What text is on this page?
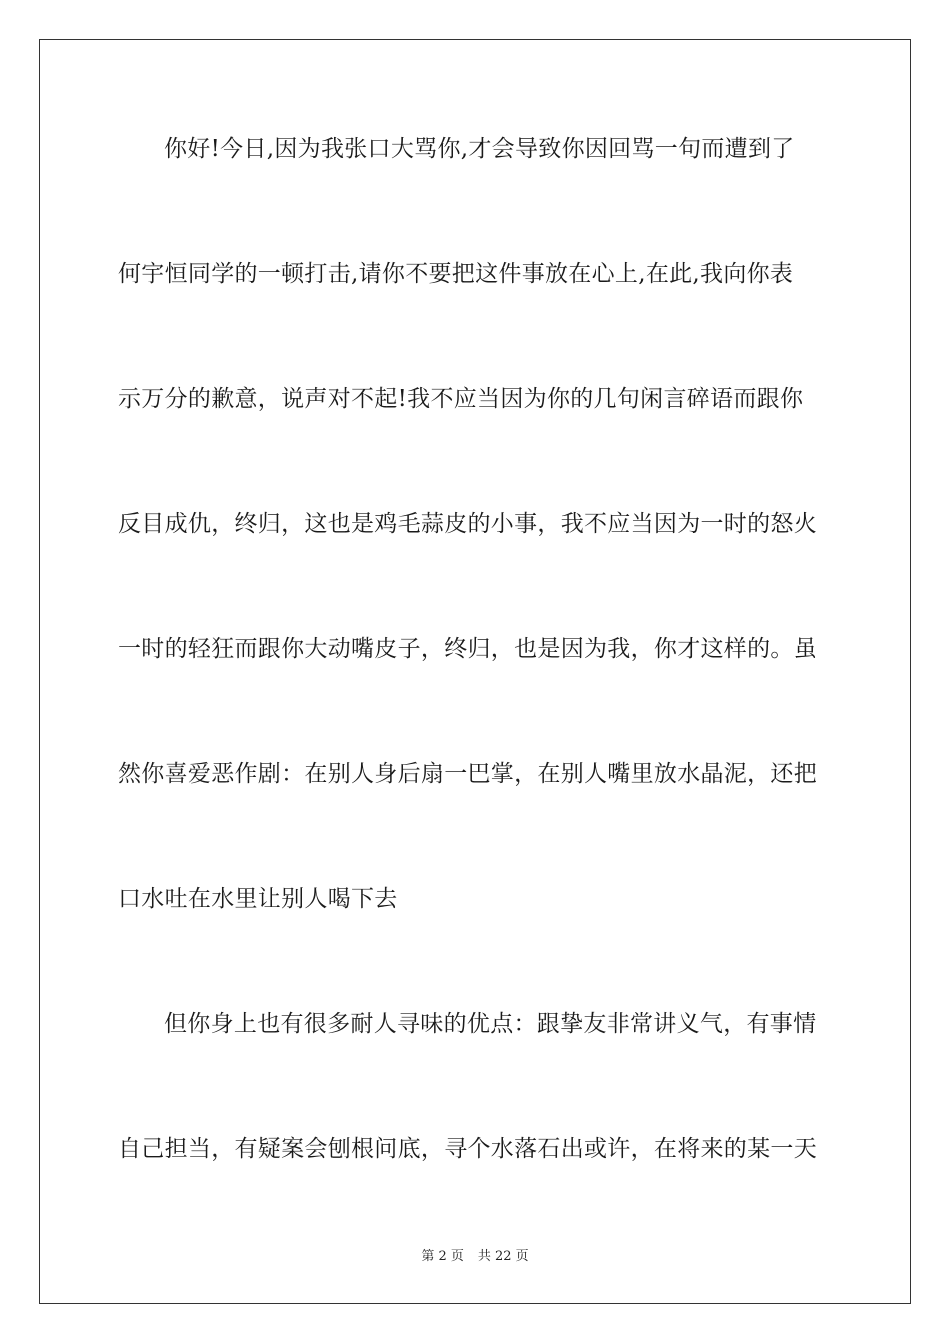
你好!今日,因为我张口大骂你,才会导致你因回骂一句而遭到了
何宇恒同学的一顿打击,请你不要把这件事放在心上,在此,我向你表
示万分的歉意，说声对不起!我不应当因为你的几句闲言碎语而跟你
反目成仇，终归，这也是鸡毛蒜皮的小事，我不应当因为一时的怒火
一时的轻狂而跟你大动嘴皮子，终归，也是因为我，你才这样的。虽
然你喜爱恶作剧：在别人身后扇一巴掌，在别人嘴里放水晶泥，还把
口水吐在水里让别人喝下去
但你身上也有很多耐人寻味的优点：跟挚友非常讲义气，有事情
自己担当，有疑案会刨根问底，寻个水落石出或许，在将来的某一天
第 2 页 共 22 页
